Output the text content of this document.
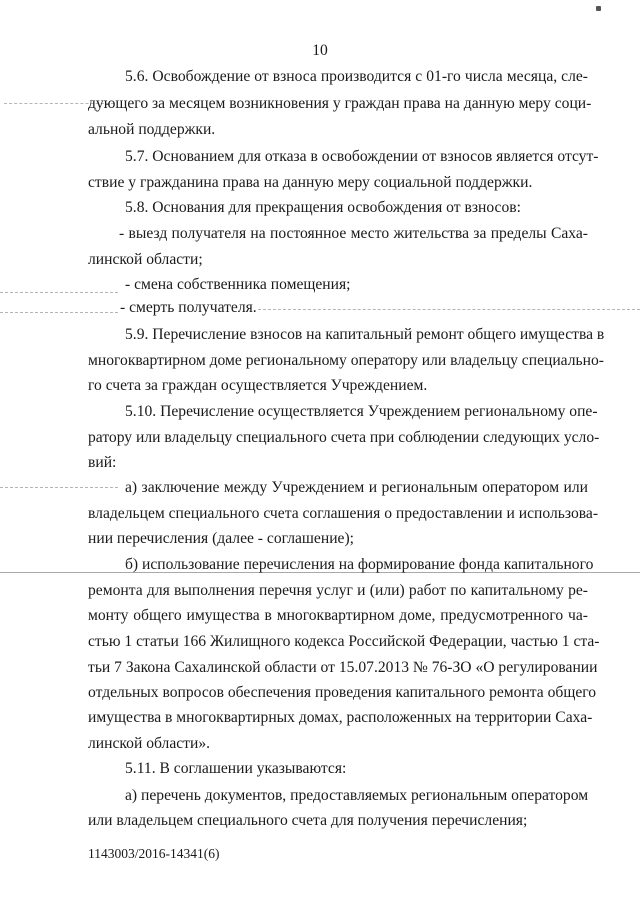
10
5.6. Освобождение от взноса производится с 01-го числа месяца, сле-
дующего за месяцем возникновения у граждан права на данную меру соци-
альной поддержки.
5.7. Основанием для отказа в освобождении от взносов является отсут-
ствие у гражданина права на данную меру социальной поддержки.
5.8. Основания для прекращения освобождения от взносов:
- выезд получателя на постоянное место жительства за пределы Саха-
линской области;
- смена собственника помещения;
- смерть получателя.
5.9. Перечисление взносов на капитальный ремонт общего имущества в
многоквартирном доме региональному оператору или владельцу специально-
го счета за граждан осуществляется Учреждением.
5.10. Перечисление осуществляется Учреждением региональному опе-
ратору или владельцу специального счета при соблюдении следующих усло-
вий:
а) заключение между Учреждением и региональным оператором или
владельцем специального счета соглашения о предоставлении и использова-
нии перечисления (далее - соглашение);
б) использование перечисления на формирование фонда капитального
ремонта для выполнения перечня услуг и (или) работ по капитальному ре-
монту общего имущества в многоквартирном доме, предусмотренного ча-
стью 1 статьи 166 Жилищного кодекса Российской Федерации, частью 1 ста-
тьи 7 Закона Сахалинской области от 15.07.2013 № 76-ЗО «О регулировании
отдельных вопросов обеспечения проведения капитального ремонта общего
имущества в многоквартирных домах, расположенных на территории Саха-
линской области».
5.11. В соглашении указываются:
а) перечень документов, предоставляемых региональным оператором
или владельцем специального счета для получения перечисления;
1143003/2016-14341(6)
